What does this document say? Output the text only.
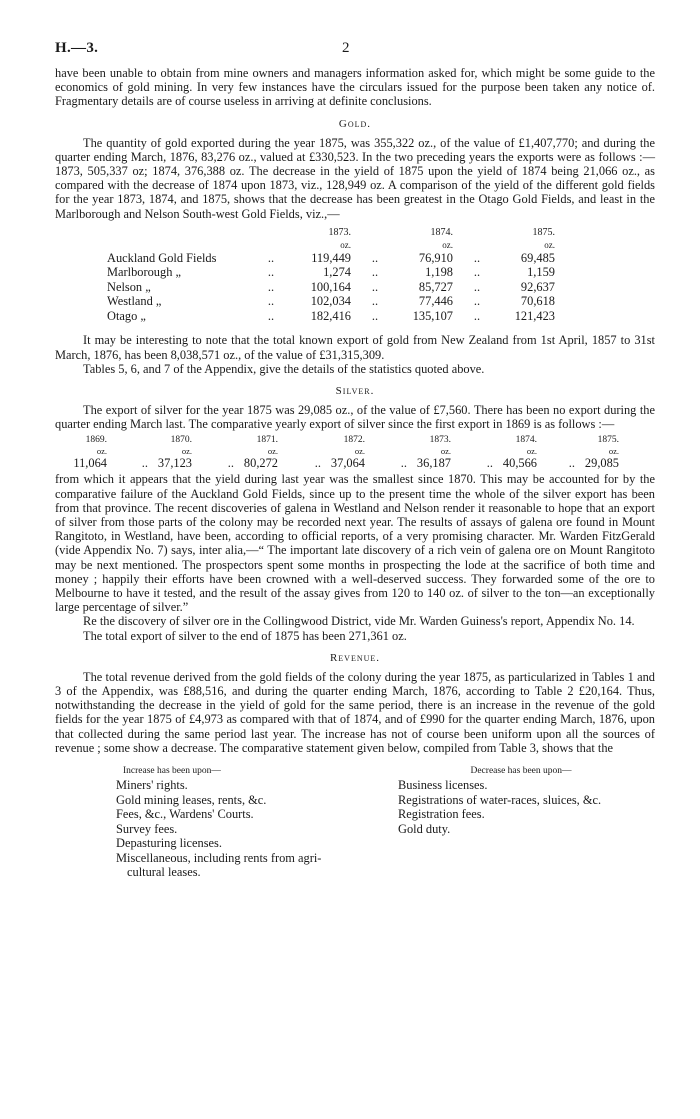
H.—3.	2

have been unable to obtain from mine owners and managers information asked for, which might be some guide to the economics of gold mining. In very few instances have the circulars issued for the purpose been taken any notice of. Fragmentary details are of course useless in arriving at definite conclusions.

Gold.

The quantity of gold exported during the year 1875, was 355,322 oz., of the value of £1,407,770; and during the quarter ending March, 1876, 83,276 oz., valued at £330,523. In the two preceding years the exports were as follows :—1873, 505,337 oz; 1874, 376,388 oz. The decrease in the yield of 1875 upon the yield of 1874 being 21,066 oz., as compared with the decrease of 1874 upon 1873, viz., 128,949 oz. A comparison of the yield of the different gold fields for the year 1873, 1874, and 1875, shows that the decrease has been greatest in the Otago Gold Fields, and least in the Marlborough and Nelson South-west Gold Fields, viz.,—

		1873.		1874.		1875.
		oz.		oz.		oz.
Auckland Gold Fields	..	119,449	..	76,910	..	69,485
Marlborough „	..	1,274	..	1,198	..	1,159
Nelson „	..	100,164	..	85,727	..	92,637
Westland „	..	102,034	..	77,446	..	70,618
Otago „	..	182,416	..	135,107	..	121,423

It may be interesting to note that the total known export of gold from New Zealand from 1st April, 1857 to 31st March, 1876, has been 8,038,571 oz., of the value of £31,315,309.

Tables 5, 6, and 7 of the Appendix, give the details of the statistics quoted above.

Silver.

The export of silver for the year 1875 was 29,085 oz., of the value of £7,560. There has been no export during the quarter ending March last. The comparative yearly export of silver since the first export in 1869 is as follows :—

1869.	1870.	1871.	1872.	1873.	1874.	1875.
oz.	oz.	oz.	oz.	oz.	oz.	oz.
11,064	.. 37,123	.. 80,272	.. 37,064	.. 36,187	.. 40,566	.. 29,085

from which it appears that the yield during last year was the smallest since 1870. This may be accounted for by the comparative failure of the Auckland Gold Fields, since up to the present time the whole of the silver export has been from that province. The recent discoveries of galena in Westland and Nelson render it reasonable to hope that an export of silver from those parts of the colony may be recorded next year. The results of assays of galena ore found in Mount Rangitoto, in Westland, have been, according to official reports, of a very promising character. Mr. Warden FitzGerald (vide Appendix No. 7) says, inter alia,—“ The important late discovery of a rich vein of galena ore on Mount Rangitoto may be next mentioned. The prospectors spent some months in prospecting the lode at the sacrifice of both time and money ; happily their efforts have been crowned with a well-deserved success. They forwarded some of the ore to Melbourne to have it tested, and the result of the assay gives from 120 to 140 oz. of silver to the ton—an exceptionally large percentage of silver.”

Re the discovery of silver ore in the Collingwood District, vide Mr. Warden Guiness's report, Appendix No. 14.

The total export of silver to the end of 1875 has been 271,361 oz.

Revenue.

The total revenue derived from the gold fields of the colony during the year 1875, as particularized in Tables 1 and 3 of the Appendix, was £88,516, and during the quarter ending March, 1876, according to Table 2 £20,164. Thus, notwithstanding the decrease in the yield of gold for the same period, there is an increase in the revenue of the gold fields for the year 1875 of £4,973 as compared with that of 1874, and of £990 for the quarter ending March, 1876, upon that collected during the same period last year. The increase has not of course been uniform upon all the sources of revenue ; some show a decrease. The comparative statement given below, compiled from Table 3, shows that the

Increase has been upon—
Miners' rights.
Gold mining leases, rents, &c.
Fees, &c., Wardens' Courts.
Survey fees.
Depasturing licenses.
Miscellaneous, including rents from agri-
cultural leases.
Decrease has been upon—
Business licenses.
Registrations of water-races, sluices, &c.
Registration fees.
Gold duty.
